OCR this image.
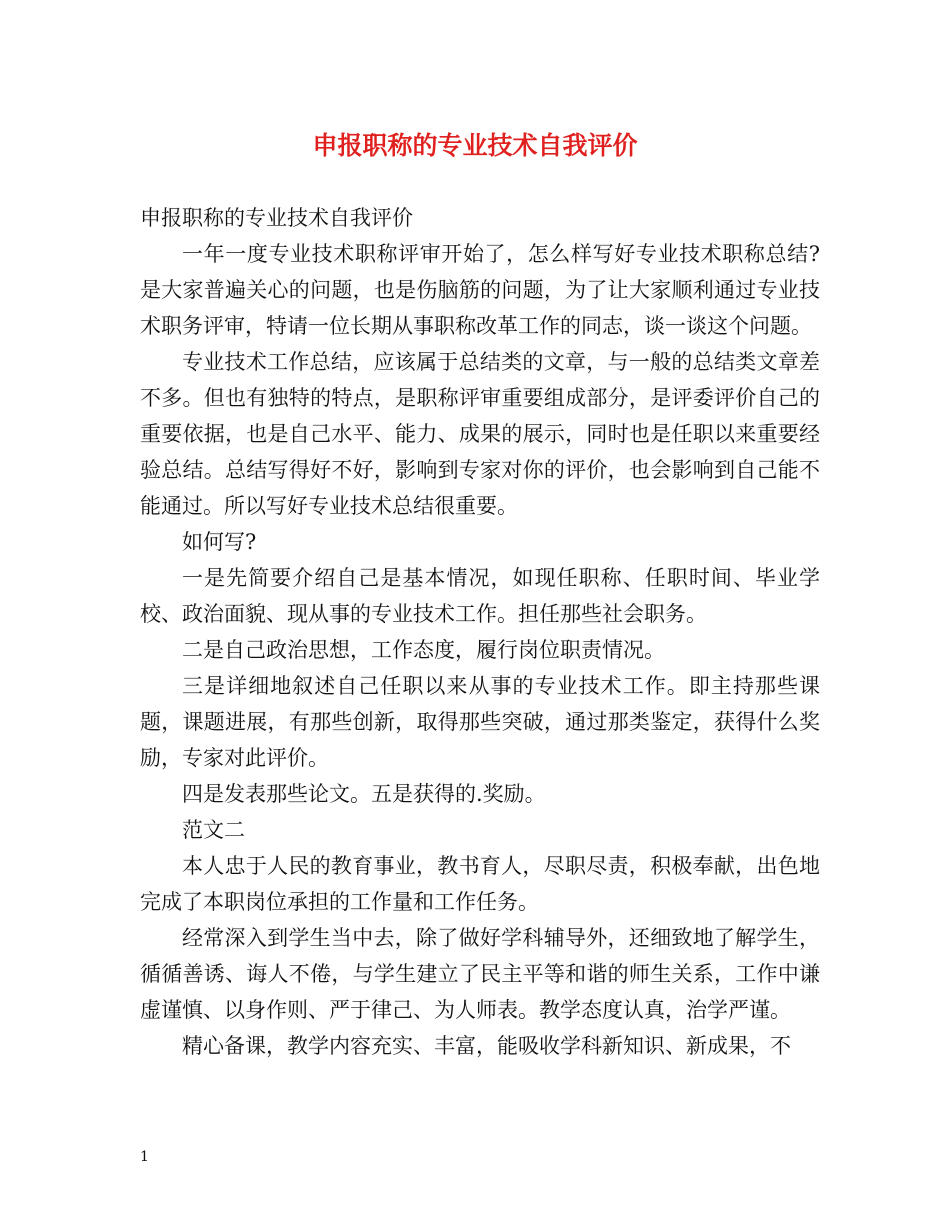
申报职称的专业技术自我评价

申报职称的专业技术自我评价

一年一度专业技术职称评审开始了，怎么样写好专业技术职称总结?是大家普遍关心的问题，也是伤脑筋的问题，为了让大家顺利通过专业技术职务评审，特请一位长期从事职称改革工作的同志，谈一谈这个问题。

专业技术工作总结，应该属于总结类的文章，与一般的总结类文章差不多。但也有独特的特点，是职称评审重要组成部分，是评委评价自己的重要依据，也是自己水平、能力、成果的展示，同时也是任职以来重要经验总结。总结写得好不好，影响到专家对你的评价，也会影响到自己能不能通过。所以写好专业技术总结很重要。

如何写?

一是先简要介绍自己是基本情况，如现任职称、任职时间、毕业学校、政治面貌、现从事的专业技术工作。担任那些社会职务。

二是自己政治思想，工作态度，履行岗位职责情况。

三是详细地叙述自己任职以来从事的专业技术工作。即主持那些课题，课题进展，有那些创新，取得那些突破，通过那类鉴定，获得什么奖励，专家对此评价。

四是发表那些论文。五是获得的.奖励。

范文二

本人忠于人民的教育事业，教书育人，尽职尽责，积极奉献，出色地完成了本职岗位承担的工作量和工作任务。

经常深入到学生当中去，除了做好学科辅导外，还细致地了解学生，循循善诱、诲人不倦，与学生建立了民主平等和谐的师生关系，工作中谦虚谨慎、以身作则、严于律己、为人师表。教学态度认真，治学严谨。

精心备课，教学内容充实、丰富，能吸收学科新知识、新成果，不

1
